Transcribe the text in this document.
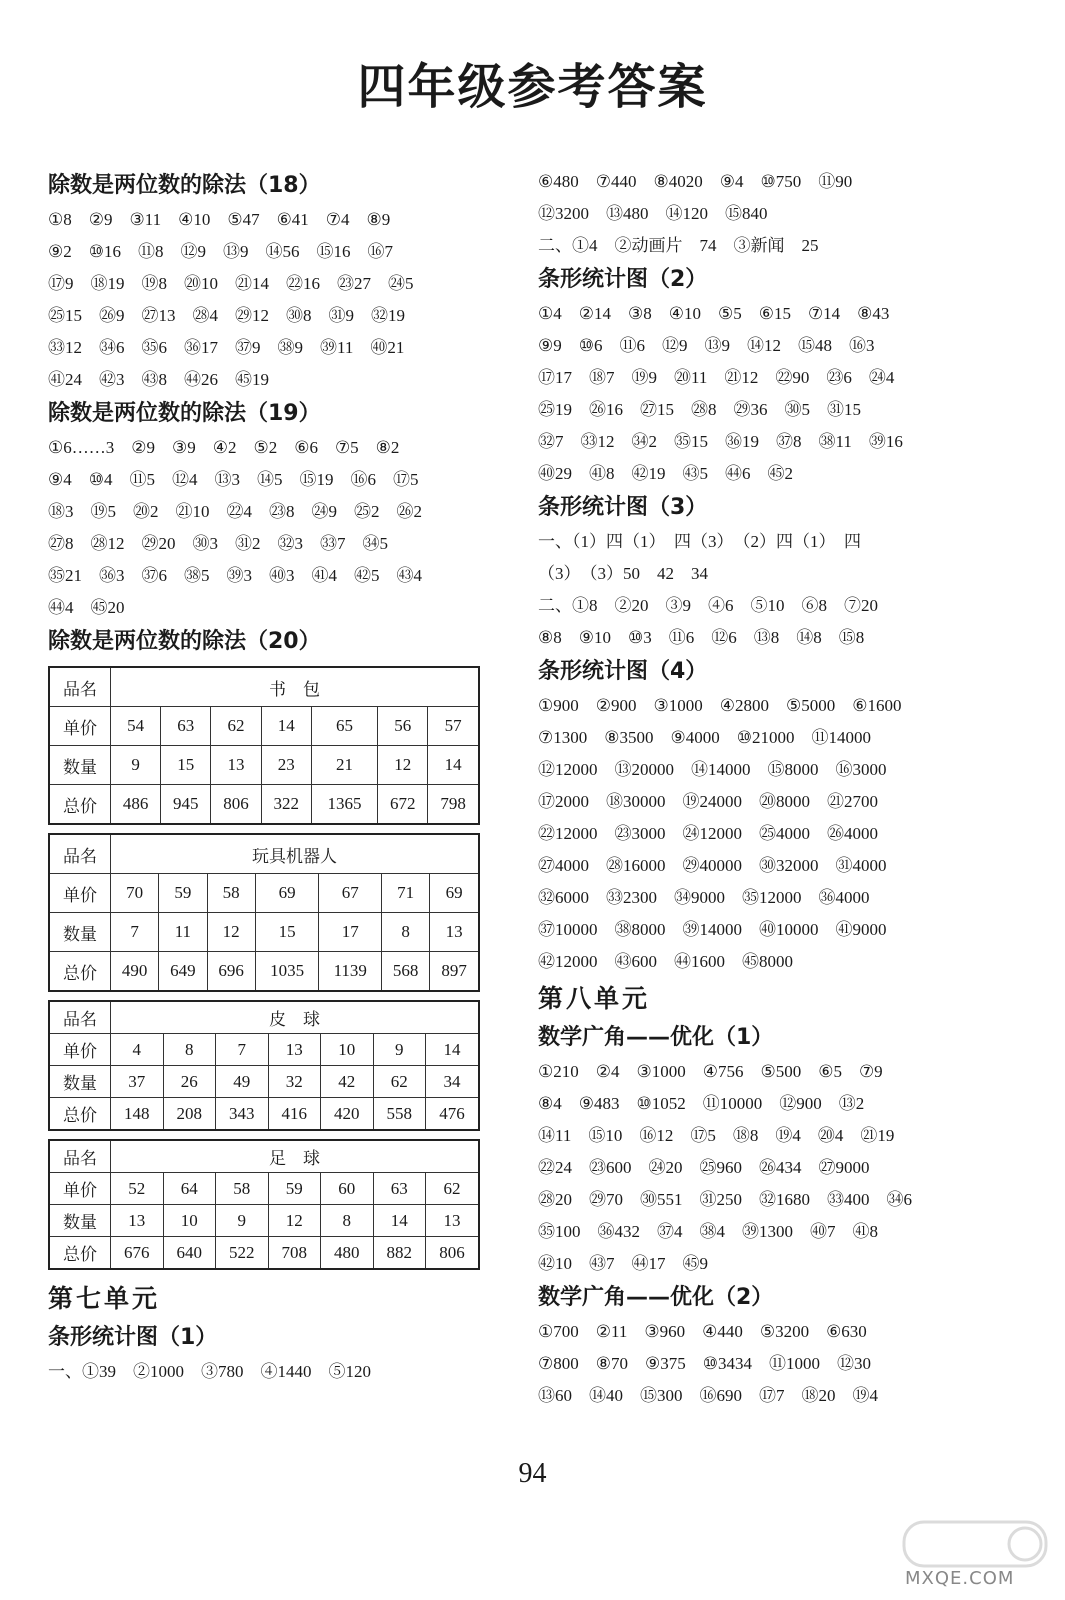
四年级参考答案
除数是两位数的除法（18）
①8　②9　③11　④10　⑤47　⑥41　⑦4　⑧9
⑨2　⑩16　⑪8　⑫9　⑬9　⑭56　⑮16　⑯7
⑰9　⑱19　⑲8　⑳10　㉑14　㉒16　㉓27　㉔5
㉕15　㉖9　㉗13　㉘4　㉙12　㉚8　㉛9　㉜19
㉝12　㉞6　㉟6　㊱17　㊲9　㊳9　㊴11　㊵21
㊶24　㊷3　㊸8　㊹26　㊺19
除数是两位数的除法（19）
①6……3　②9　③9　④2　⑤2　⑥6　⑦5　⑧2
⑨4　⑩4　⑪5　⑫4　⑬3　⑭5　⑮19　⑯6　⑰5
⑱3　⑲5　⑳2　㉑10　㉒4　㉓8　㉔9　㉕2　㉖2
㉗8　㉘12　㉙20　㉚3　㉛2　㉜3　㉝7　㉞5
㉟21　㊱3　㊲6　㊳5　㊴3　㊵3　㊶4　㊷5　㊸4
㊹4　㊺20
除数是两位数的除法（20）
品名	书　包						
单价	54	63	62	14	65	56	57
数量	9	15	13	23	21	12	14
总价	486	945	806	322	1365	672	798
品名	玩具机器人						
单价	70	59	58	69	67	71	69
数量	7	11	12	15	17	8	13
总价	490	649	696	1035	1139	568	897
品名	皮　球						
单价	4	8	7	13	10	9	14
数量	37	26	49	32	42	62	34
总价	148	208	343	416	420	558	476
品名	足　球						
单价	52	64	58	59	60	63	62
数量	13	10	9	12	8	14	13
总价	676	640	522	708	480	882	806
第七单元
条形统计图（1）
一、①39　②1000　③780　④1440　⑤120
⑥480　⑦440　⑧4020　⑨4　⑩750　⑪90
⑫3200　⑬480　⑭120　⑮840
二、①4　②动画片　74　③新闻　25
条形统计图（2）
①4　②14　③8　④10　⑤5　⑥15　⑦14　⑧43
⑨9　⑩6　⑪6　⑫9　⑬9　⑭12　⑮48　⑯3
⑰17　⑱7　⑲9　⑳11　㉑12　㉒90　㉓6　㉔4
㉕19　㉖16　㉗15　㉘8　㉙36　㉚5　㉛15
㉜7　㉝12　㉞2　㉟15　㊱19　㊲8　㊳11　㊴16
㊵29　㊶8　㊷19　㊸5　㊹6　㊺2
条形统计图（3）
一、（1）四（1）　四（3）　（2）四（1）　四
（3）　（3）50　42　34
二、①8　②20　③9　④6　⑤10　⑥8　⑦20
⑧8　⑨10　⑩3　⑪6　⑫6　⑬8　⑭8　⑮8
条形统计图（4）
①900　②900　③1000　④2800　⑤5000　⑥1600
⑦1300　⑧3500　⑨4000　⑩21000　⑪14000
⑫12000　⑬20000　⑭14000　⑮8000　⑯3000
⑰2000　⑱30000　⑲24000　⑳8000　㉑2700
㉒12000　㉓3000　㉔12000　㉕4000　㉖4000
㉗4000　㉘16000　㉙40000　㉚32000　㉛4000
㉜6000　㉝2300　㉞9000　㉟12000　㊱4000
㊲10000　㊳8000　㊴14000　㊵10000　㊶9000
㊷12000　㊸600　㊹1600　㊺8000
第八单元
数学广角——优化（1）
①210　②4　③1000　④756　⑤500　⑥5　⑦9
⑧4　⑨483　⑩1052　⑪10000　⑫900　⑬2
⑭11　⑮10　⑯12　⑰5　⑱8　⑲4　⑳4　㉑19
㉒24　㉓600　㉔20　㉕960　㉖434　㉗9000
㉘20　㉙70　㉚551　㉛250　㉜1680　㉝400　㉞6
㉟100　㊱432　㊲4　㊳4　㊴1300　㊵7　㊶8
㊷10　㊸7　㊹17　㊺9
数学广角——优化（2）
①700　②11　③960　④440　⑤3200　⑥630
⑦800　⑧70　⑨375　⑩3434　⑪1000　⑫30
⑬60　⑭40　⑮300　⑯690　⑰7　⑱20　⑲4
94
MXQE.COM
